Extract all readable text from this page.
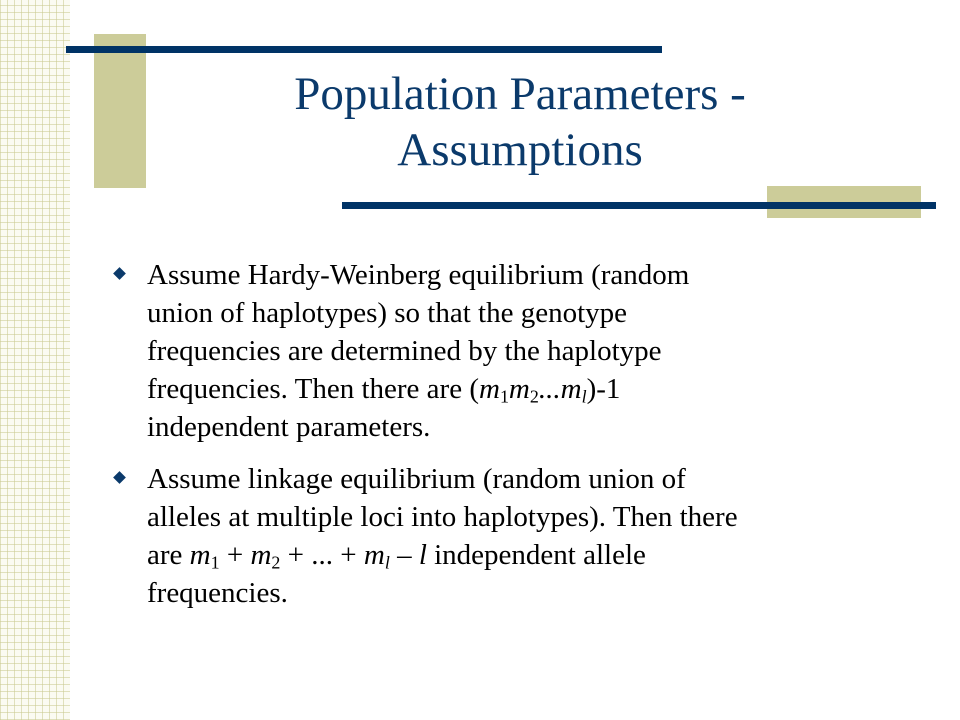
Population Parameters -
Assumptions
Assume Hardy-Weinberg equilibrium (random
union of haplotypes) so that the genotype
frequencies are determined by the haplotype
frequencies. Then there are $(m_1m_2...m_l)-1$
independent parameters.
Assume linkage equilibrium (random union of
alleles at multiple loci into haplotypes). Then there
are $m_1 + m_2$ + ... + $m_l$ – l independent allele
frequencies.
